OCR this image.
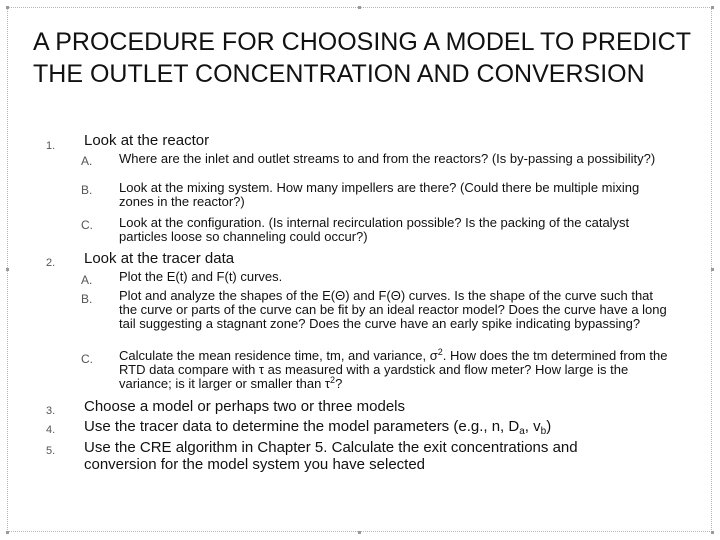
A PROCEDURE FOR CHOOSING A MODEL TO PREDICT THE OUTLET CONCENTRATION AND CONVERSION
1. Look at the reactor
A. Where are the inlet and outlet streams to and from the reactors? (Is by-passing a possibility?)
B. Look at the mixing system. How many impellers are there? (Could there be multiple mixing zones in the reactor?)
C. Look at the configuration. (Is internal recirculation possible? Is the packing of the catalyst particles loose so channeling could occur?)
2. Look at the tracer data
A. Plot the E(t) and F(t) curves.
B. Plot and analyze the shapes of the E(Θ) and F(Θ) curves. Is the shape of the curve such that the curve or parts of the curve can be fit by an ideal reactor model? Does the curve have a long tail suggesting a stagnant zone? Does the curve have an early spike indicating bypassing?
C. Calculate the mean residence time, tm, and variance, $\sigma^2$. How does the tm determined from the RTD data compare with τ as measured with a yardstick and flow meter? How large is the variance; is it larger or smaller than $\tau^2$?
3. Choose a model or perhaps two or three models
4. Use the tracer data to determine the model parameters (e.g., n, $D_a$, $v_b$)
5. Use the CRE algorithm in Chapter 5. Calculate the exit concentrations and conversion for the model system you have selected
